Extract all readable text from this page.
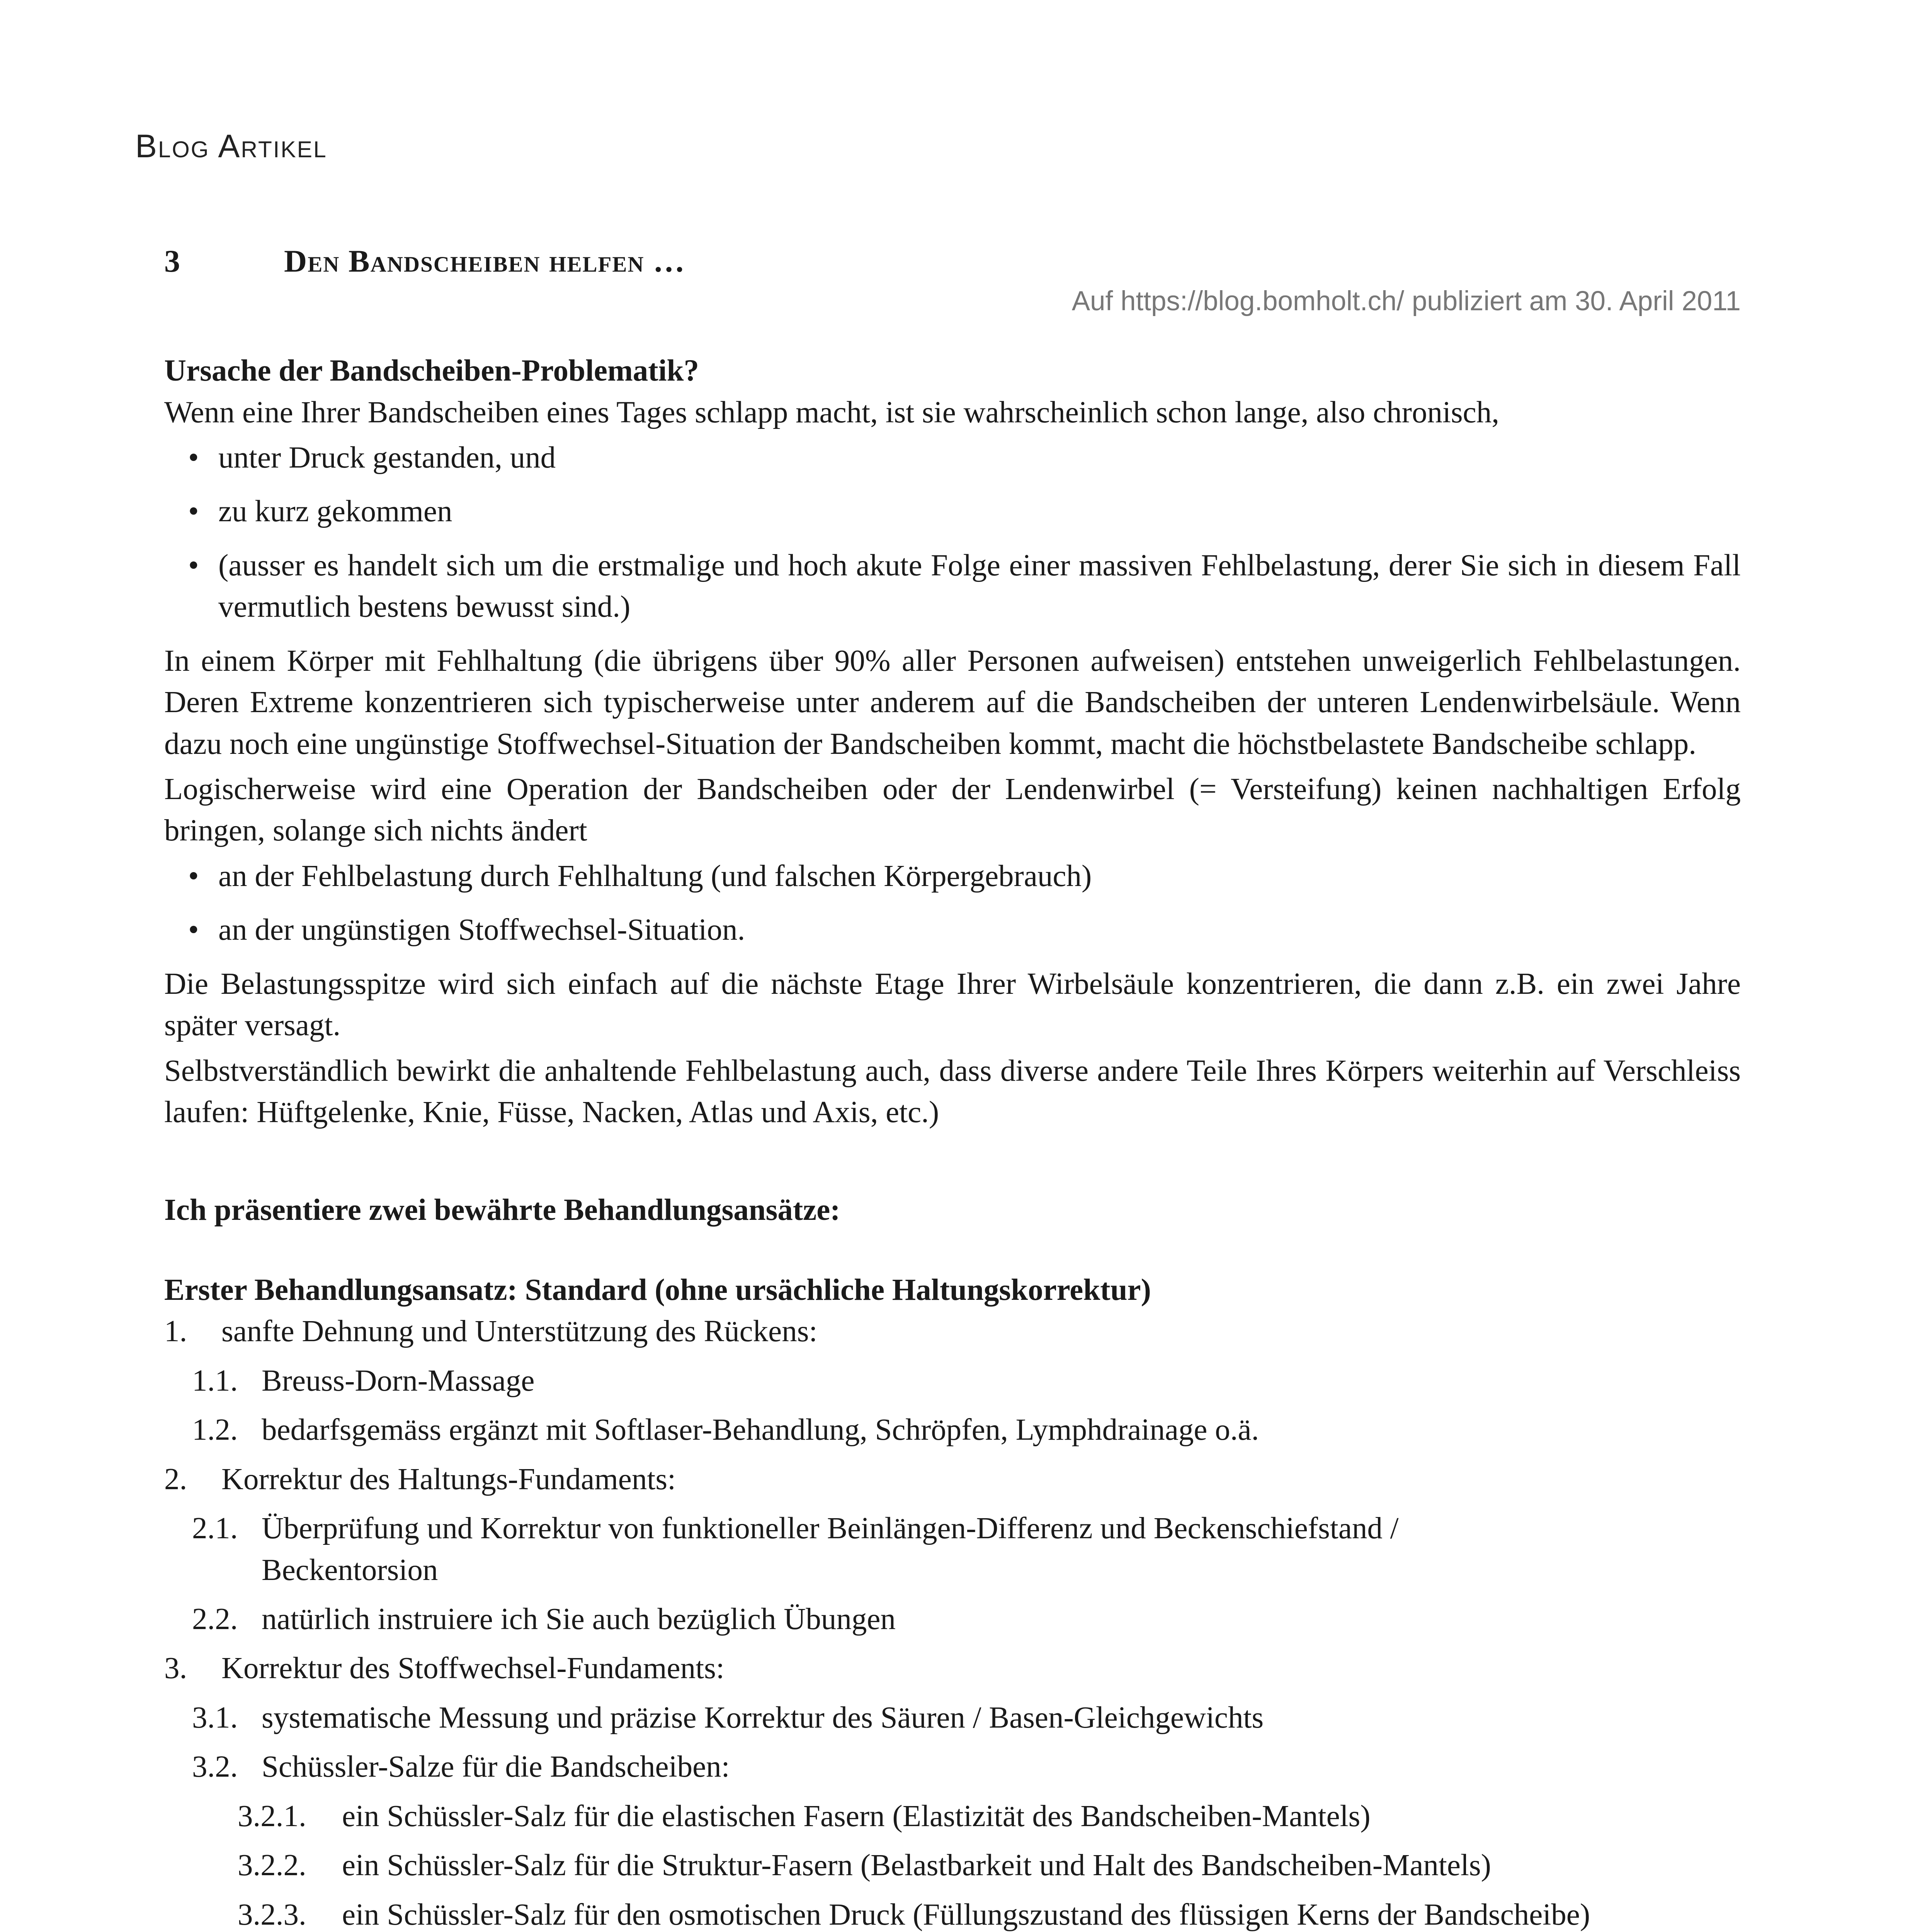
Blog Artikel
3	Den Bandscheiben helfen …
Auf https://blog.bomholt.ch/ publiziert am 30. April 2011

Ursache der Bandscheiben-Problematik?

Wenn eine Ihrer Bandscheiben eines Tages schlapp macht, ist sie wahrscheinlich schon lange, also chronisch,

• unter Druck gestanden, und
• zu kurz gekommen
• (ausser es handelt sich um die erstmalige und hoch akute Folge einer massiven Fehlbelastung, derer Sie sich in diesem Fall vermutlich bestens bewusst sind.)

In einem Körper mit Fehlhaltung (die übrigens über 90% aller Personen aufweisen) entstehen unweigerlich Fehlbelastungen. Deren Extreme konzentrieren sich typischerweise unter anderem auf die Bandscheiben der unteren Lendenwirbelsäule. Wenn dazu noch eine ungünstige Stoffwechsel-Situation der Bandscheiben kommt, macht die höchstbelastete Bandscheibe schlapp.

Logischerweise wird eine Operation der Bandscheiben oder der Lendenwirbel (= Versteifung) keinen nachhaltigen Erfolg bringen, solange sich nichts ändert

• an der Fehlbelastung durch Fehlhaltung (und falschen Körpergebrauch)
• an der ungünstigen Stoffwechsel-Situation.

Die Belastungsspitze wird sich einfach auf die nächste Etage Ihrer Wirbelsäule konzentrieren, die dann z.B. ein zwei Jahre später versagt.

Selbstverständlich bewirkt die anhaltende Fehlbelastung auch, dass diverse andere Teile Ihres Körpers weiterhin auf Verschleiss laufen: Hüftgelenke, Knie, Füsse, Nacken, Atlas und Axis, etc.)

Ich präsentiere zwei bewährte Behandlungsansätze:

Erster Behandlungsansatz: Standard (ohne ursächliche Haltungskorrektur)

1.	sanfte Dehnung und Unterstützung des Rückens:
1.1. Breuss-Dorn-Massage
1.2. bedarfsgemäss ergänzt mit Softlaser-Behandlung, Schröpfen, Lymphdrainage o.ä.
2.	Korrektur des Haltungs-Fundaments:
2.1. Überprüfung und Korrektur von funktioneller Beinlängen-Differenz und Beckenschiefstand / Beckentorsion
2.2. natürlich instruiere ich Sie auch bezüglich Übungen
3.	Korrektur des Stoffwechsel-Fundaments:
3.1. systematische Messung und präzise Korrektur des Säuren / Basen-Gleichgewichts
3.2. Schüssler-Salze für die Bandscheiben:
3.2.1.	ein Schüssler-Salz für die elastischen Fasern (Elastizität des Bandscheiben-Mantels)
3.2.2.	ein Schüssler-Salz für die Struktur-Fasern (Belastbarkeit und Halt des Bandscheiben-Mantels)
3.2.3.	ein Schüssler-Salz für den osmotischen Druck (Füllungszustand des flüssigen Kerns der Bandscheibe)
